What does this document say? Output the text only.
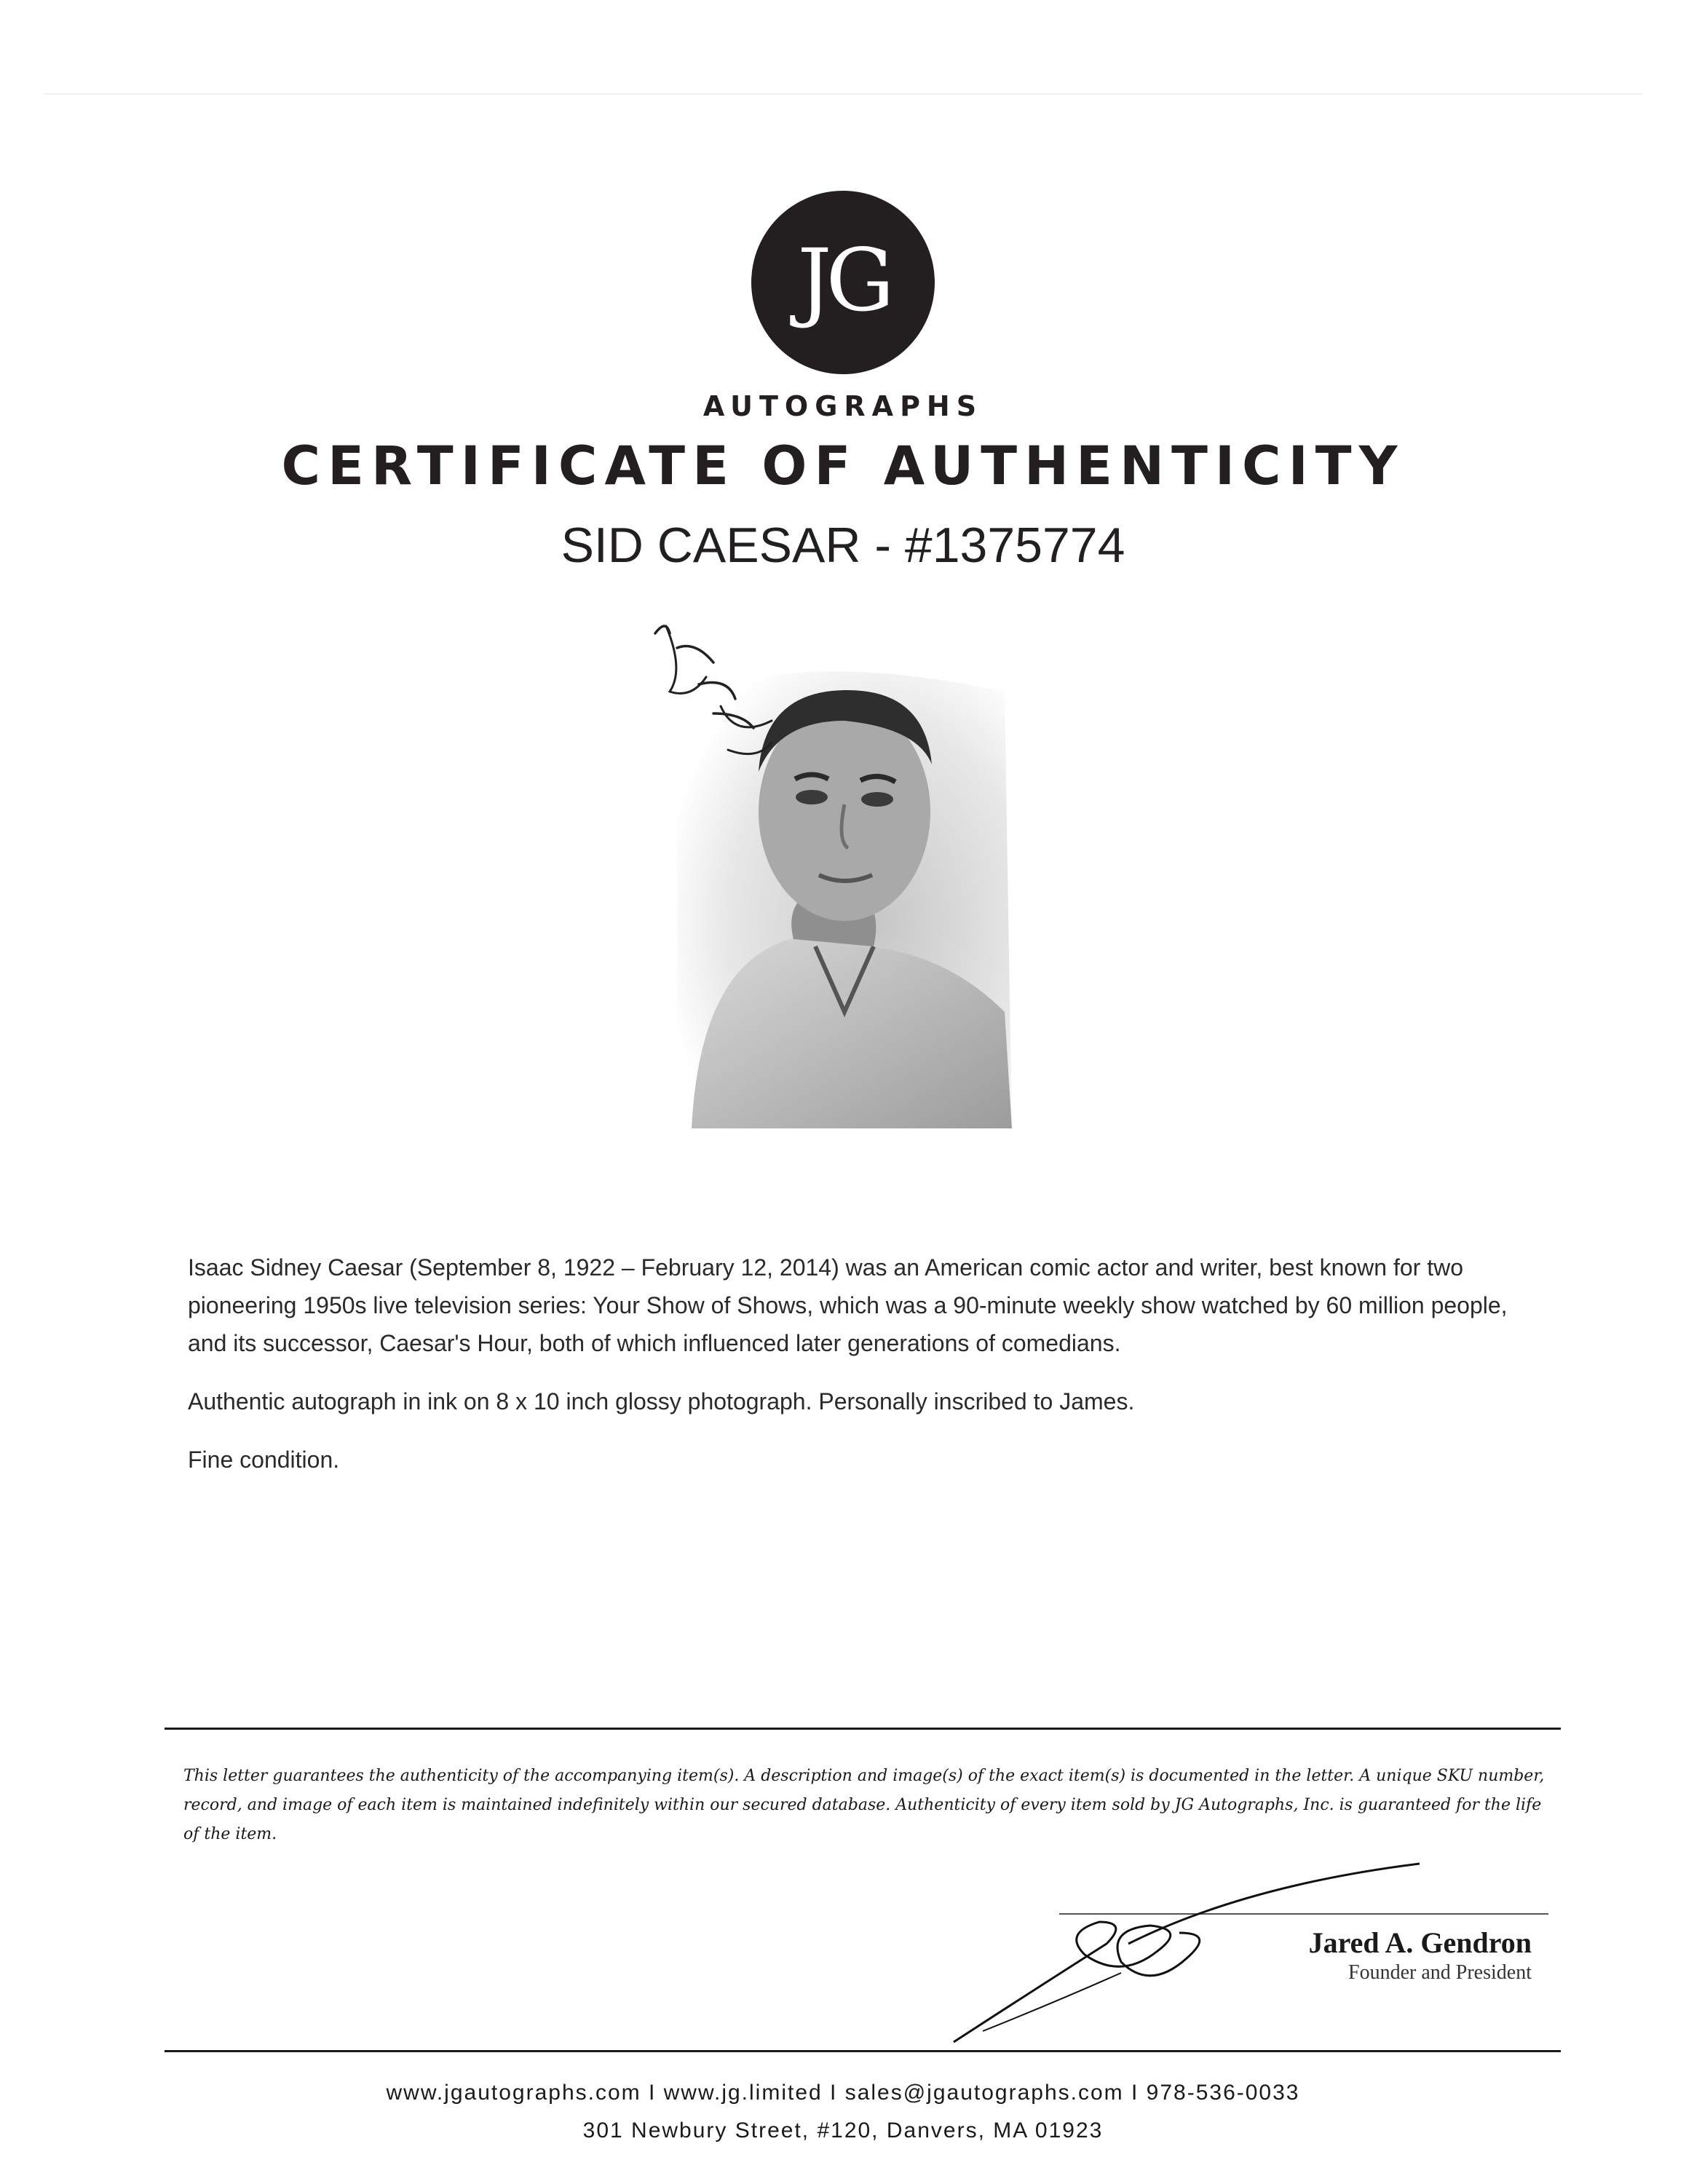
JG
AUTOGRAPHS
CERTIFICATE OF AUTHENTICITY
SID CAESAR - #1375774

Isaac Sidney Caesar (September 8, 1922 – February 12, 2014) was an American comic actor and writer, best known for two pioneering 1950s live television series: Your Show of Shows, which was a 90-minute weekly show watched by 60 million people, and its successor, Caesar's Hour, both of which influenced later generations of comedians.

Authentic autograph in ink on 8 x 10 inch glossy photograph. Personally inscribed to James.

Fine condition.

This letter guarantees the authenticity of the accompanying item(s). A description and image(s) of the exact item(s) is documented in the letter. A unique SKU number, record, and image of each item is maintained indefinitely within our secured database. Authenticity of every item sold by JG Autographs, Inc. is guaranteed for the life of the item.
Jared A. Gendron
Founder and President
www.jgautographs.com I www.jg.limited I sales@jgautographs.com I 978-536-0033
301 Newbury Street, #120, Danvers, MA 01923
